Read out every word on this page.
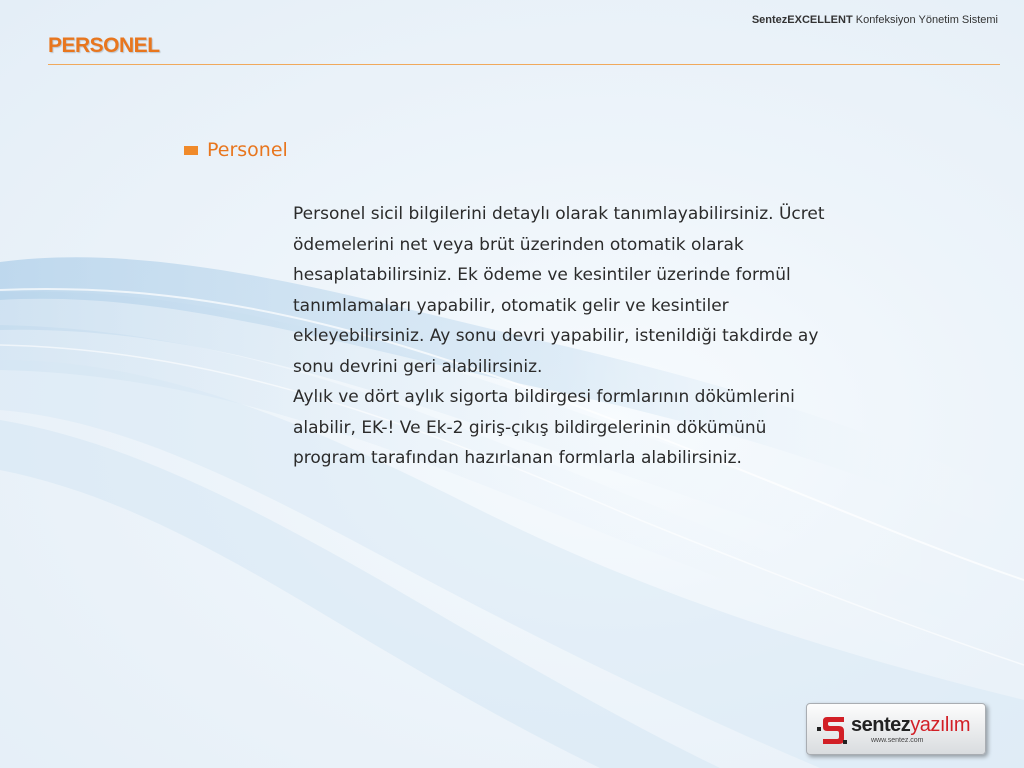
SentezEXCELLENT Konfeksiyon Yönetim Sistemi
PERSONEL
Personel

Personel sicil bilgilerini detaylı olarak tanımlayabilirsiniz. Ücret ödemelerini net veya brüt üzerinden otomatik olarak hesaplatabilirsiniz. Ek ödeme ve kesintiler üzerinde formül tanımlamaları yapabilir, otomatik gelir ve kesintiler ekleyebilirsiniz. Ay sonu devri yapabilir, istenildiği takdirde ay sonu devrini geri alabilirsiniz.

Aylık ve dört aylık sigorta bildirgesi formlarının dökümlerini alabilir, EK-! Ve Ek-2 giriş-çıkış bildirgelerinin dökümünü program tarafından hazırlanan formlarla alabilirsiniz.

sentezyazılım
www.sentez.com
